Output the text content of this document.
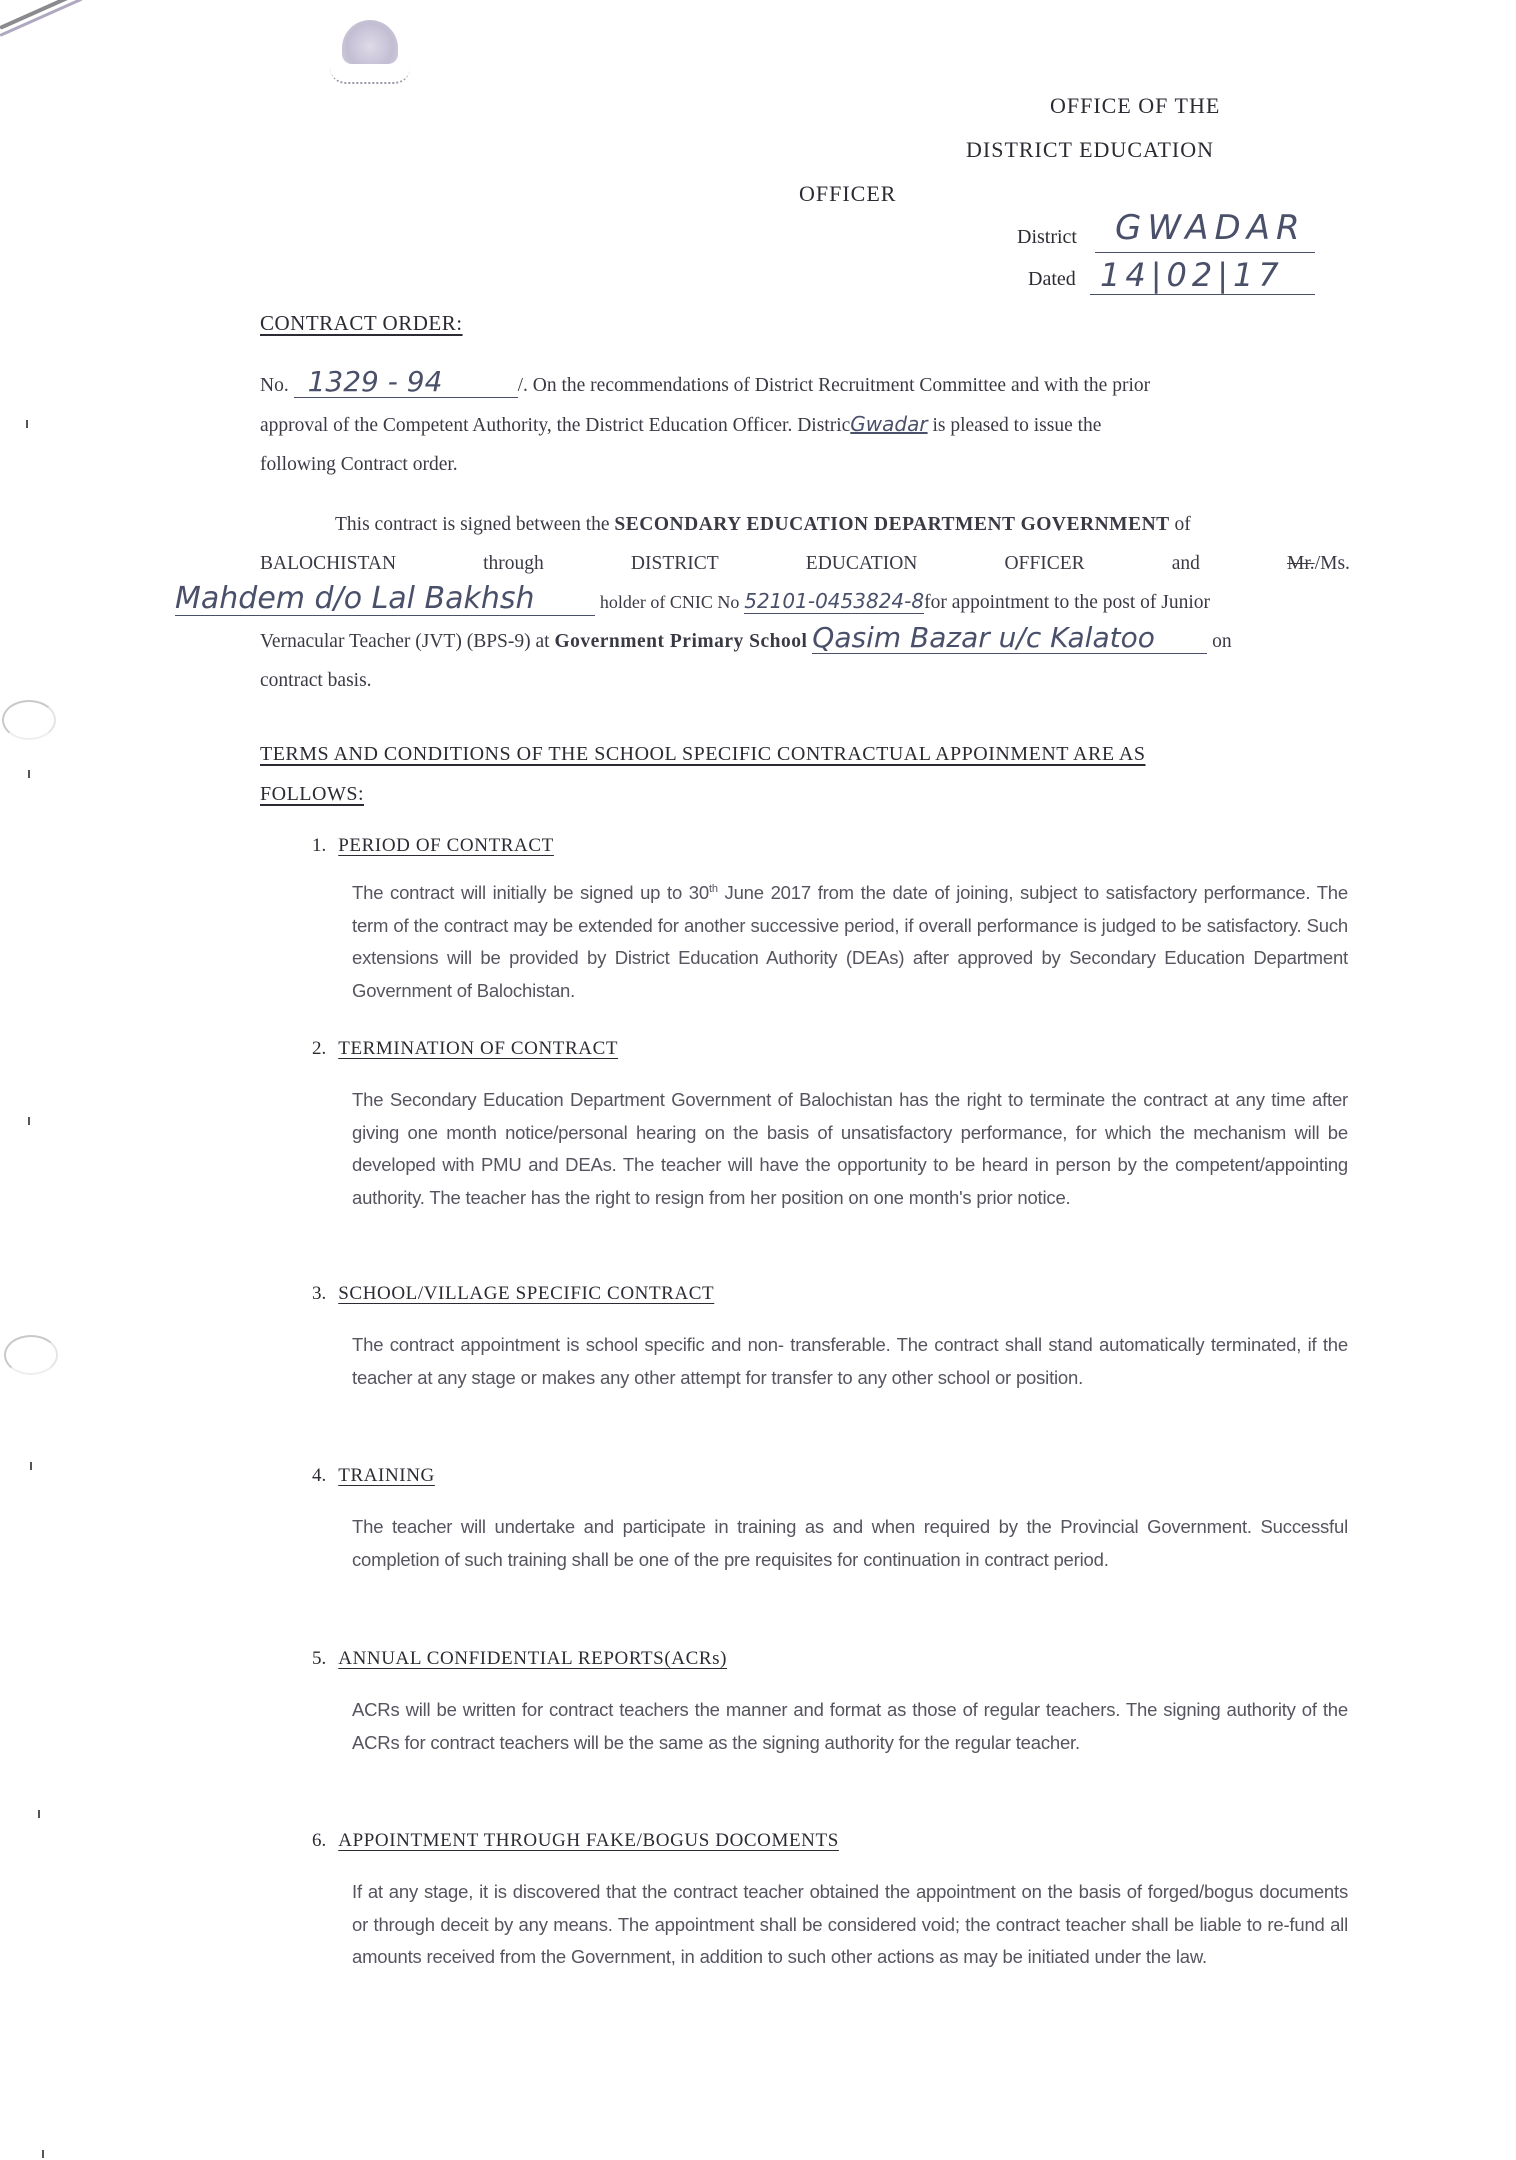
OFFICE OF THE
DISTRICT EDUCATION
OFFICER
District GWADAR
Dated 14|02|17
CONTRACT ORDER:
No. 1329 - 94	/. On the recommendations of District Recruitment Committee and with the prior
approval of the Competent Authority, the District Education Officer. DistricGwadar is pleased to issue the
following Contract order.
This contract is signed between the SECONDARY EDUCATION DEPARTMENT GOVERNMENT of
BALOCHISTAN	through	DISTRICT	EDUCATION	OFFICER	and	Mr./Ms.
Mahdem d/o Lal Bakhsh	holder of CNIC No 52101-0453824-8for appointment to the post of Junior
Vernacular Teacher (JVT) (BPS-9) at Government Primary School Qasim Bazar u/c Kalatoo	on
contract basis.
TERMS AND CONDITIONS OF THE SCHOOL SPECIFIC CONTRACTUAL APPOINMENT ARE AS
FOLLOWS:
1. PERIOD OF CONTRACT
The contract will initially be signed up to 30th June 2017 from the date of joining, subject to satisfactory performance. The term of the contract may be extended for another successive period, if overall performance is judged to be satisfactory. Such extensions will be provided by District Education Authority (DEAs) after approved by Secondary Education Department Government of Balochistan.
2. TERMINATION OF CONTRACT
The Secondary Education Department Government of Balochistan has the right to terminate the contract at any time after giving one month notice/personal hearing on the basis of unsatisfactory performance, for which the mechanism will be developed with PMU and DEAs. The teacher will have the opportunity to be heard in person by the competent/appointing authority. The teacher has the right to resign from her position on one month's prior notice.
3. SCHOOL/VILLAGE SPECIFIC CONTRACT
The contract appointment is school specific and non- transferable. The contract shall stand automatically terminated, if the teacher at any stage or makes any other attempt for transfer to any other school or position.
4. TRAINING
The teacher will undertake and participate in training as and when required by the Provincial Government. Successful completion of such training shall be one of the pre requisites for continuation in contract period.
5. ANNUAL CONFIDENTIAL REPORTS(ACRs)
ACRs will be written for contract teachers the manner and format as those of regular teachers. The signing authority of the ACRs for contract teachers will be the same as the signing authority for the regular teacher.
6. APPOINTMENT THROUGH FAKE/BOGUS DOCOMENTS
If at any stage, it is discovered that the contract teacher obtained the appointment on the basis of forged/bogus documents or through deceit by any means. The appointment shall be considered void; the contract teacher shall be liable to re-fund all amounts received from the Government, in addition to such other actions as may be initiated under the law.
